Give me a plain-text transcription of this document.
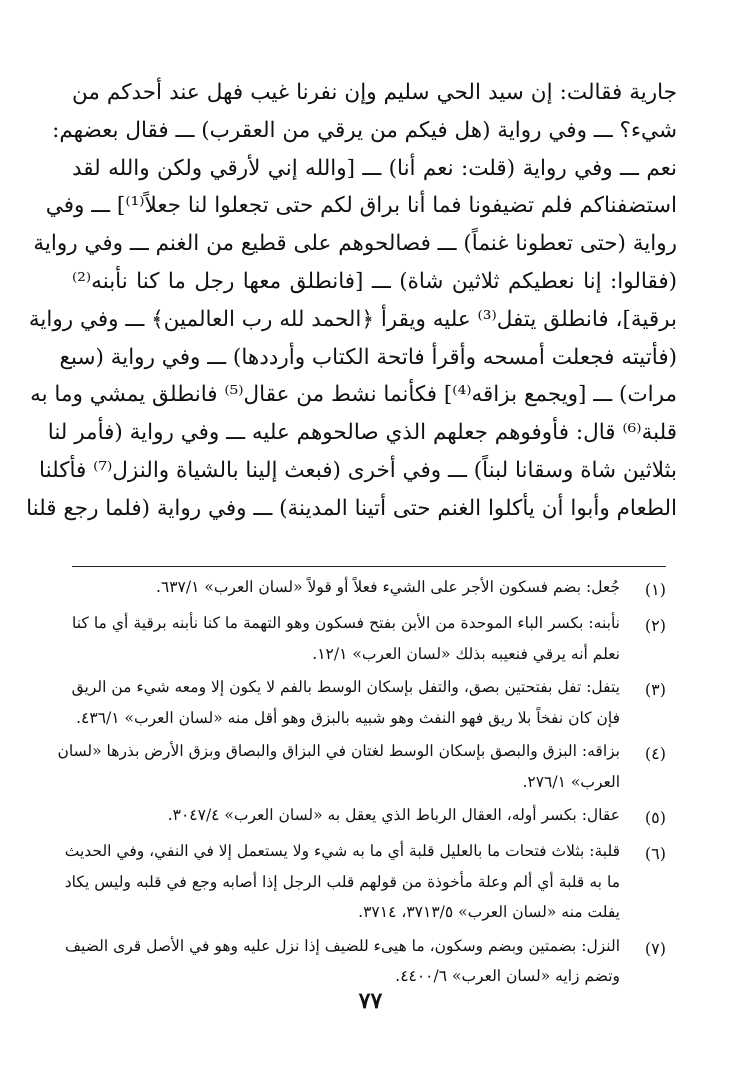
جارية فقالت: إن سيد الحي سليم وإن نفرنا غيب فهل عند أحدكم من
شيء؟ ـــ وفي رواية (هل فيكم من يرقي من العقرب) ـــ فقال بعضهم:
نعم ـــ وفي رواية (قلت: نعم أنا) ـــ [والله إني لأرقي ولكن والله لقد
استضفناكم فلم تضيفونا فما أنا براق لكم حتى تجعلوا لنا جعلاً⁽¹⁾] ـــ وفي
رواية (حتى تعطونا غنماً) ـــ فصالحوهم على قطيع من الغنم ـــ وفي رواية
(فقالوا: إنا نعطيكم ثلاثين شاة) ـــ [فانطلق معها رجل ما كنا نأبنه⁽²⁾
برقية]، فانطلق يتفل⁽³⁾ عليه ويقرأ ﴿الحمد لله رب العالمين﴾ ـــ وفي رواية
(فأتيته فجعلت أمسحه وأقرأ فاتحة الكتاب وأرددها) ـــ وفي رواية (سبع
مرات) ـــ [ويجمع بزاقه⁽⁴⁾] فكأنما نشط من عقال⁽⁵⁾ فانطلق يمشي وما به
قلبة⁽⁶⁾ قال: فأوفوهم جعلهم الذي صالحوهم عليه ـــ وفي رواية (فأمر لنا
بثلاثين شاة وسقانا لبناً) ـــ وفي أخرى (فبعث إلينا بالشياة والنزل⁽⁷⁾ فأكلنا
الطعام وأبوا أن يأكلوا الغنم حتى أتينا المدينة) ـــ وفي رواية (فلما رجع قلنا
(١)
جُعل: بضم فسكون الأجر على الشيء فعلاً أو قولاً «لسان العرب» ٦٣٧/١.
(٢)
نأبنه: بكسر الباء الموحدة من الأبن بفتح فسكون وهو التهمة ما كنا نأبنه برقية أي ما كنا
نعلم أنه يرقي فنعيبه بذلك «لسان العرب» ١٢/١.
(٣)
يتفل: تفل بفتحتين بصق، والتفل بإسكان الوسط بالفم لا يكون إلا ومعه شيء من الريق
فإن كان نفخاً بلا ريق فهو النفث وهو شبيه بالبزق وهو أقل منه «لسان العرب» ٤٣٦/١.
(٤)
بزاقه: البزق والبصق بإسكان الوسط لغتان في البزاق والبصاق وبزق الأرض بذرها «لسان
العرب» ٢٧٦/١.
(٥)
عقال: بكسر أوله، العقال الرباط الذي يعقل به «لسان العرب» ٣٠٤٧/٤.
(٦)
قلبة: بثلاث فتحات ما بالعليل قلبة أي ما به شيء ولا يستعمل إلا في النفي، وفي الحديث
ما به قلبة أي ألم وعلة مأخوذة من قولهم قلب الرجل إذا أصابه وجع في قلبه وليس يكاد
يفلت منه «لسان العرب» ٣٧١٣/٥، ٣٧١٤.
(٧)
النزل: بضمتين وبضم وسكون، ما هيىء للضيف إذا نزل عليه وهو في الأصل قرى الضيف
وتضم زايه «لسان العرب» ٤٤٠٠/٦.
٧٧
